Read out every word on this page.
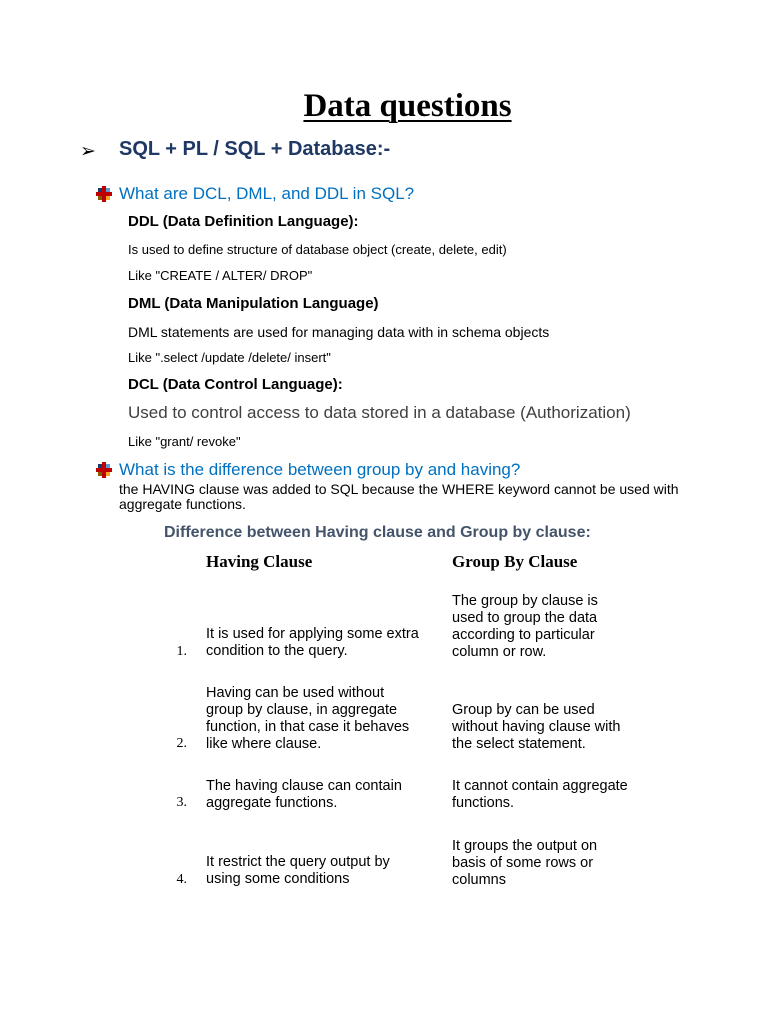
Data questions
➢ SQL + PL / SQL + Database:-
What are DCL, DML, and DDL in SQL?
DDL (Data Definition Language):
Is used to define structure of database object (create, delete, edit)
Like "CREATE / ALTER/ DROP"
DML (Data Manipulation Language)
DML statements are used for managing data with in schema objects
Like ".select /update /delete/ insert"
DCL (Data Control Language):
Used to control access to data stored in a database (Authorization)
Like "grant/ revoke"
What is the difference between group by and having?
the HAVING clause was added to SQL because the WHERE keyword cannot be used with aggregate functions.
Difference between Having clause and Group by clause:
Having Clause	Group By Clause
1.
It is used for applying some extra
condition to the query.
The group by clause is
used to group the data
according to particular
column or row.
2.
Having can be used without
group by clause, in aggregate
function, in that case it behaves
like where clause.
Group by can be used
without having clause with
the select statement.
3.
The having clause can contain
aggregate functions.
It cannot contain aggregate
functions.
4.
It restrict the query output by
using some conditions
It groups the output on
basis of some rows or
columns
